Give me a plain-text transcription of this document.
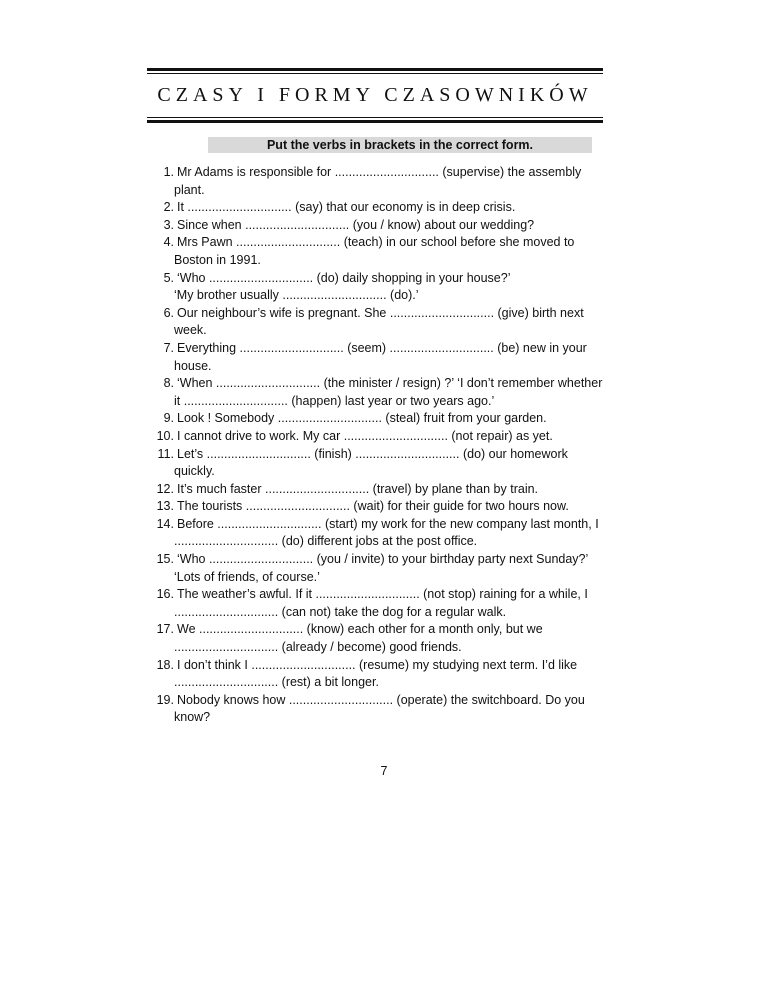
CZASY I FORMY CZASOWNIKÓW
Put the verbs in brackets in the correct form.
1. Mr Adams is responsible for .............................. (supervise) the assembly
plant.
2. It .............................. (say) that our economy is in deep crisis.
3. Since when .............................. (you / know) about our wedding?
4. Mrs Pawn .............................. (teach) in our school before she moved to
Boston in 1991.
5. ‘Who .............................. (do) daily shopping in your house?’
‘My brother usually .............................. (do).’
6. Our neighbour’s wife is pregnant. She .............................. (give) birth next
week.
7. Everything .............................. (seem) .............................. (be) new in your
house.
8. ‘When .............................. (the minister / resign) ?’ ‘I don’t remember whether
it .............................. (happen) last year or two years ago.’
9. Look ! Somebody .............................. (steal) fruit from your garden.
10. I cannot drive to work. My car .............................. (not repair) as yet.
11. Let’s .............................. (finish) .............................. (do) our homework
quickly.
12. It’s much faster .............................. (travel) by plane than by train.
13. The tourists .............................. (wait) for their guide for two hours now.
14. Before .............................. (start) my work for the new company last month, I
.............................. (do) different jobs at the post office.
15. ‘Who .............................. (you / invite) to your birthday party next Sunday?’
‘Lots of friends, of course.’
16. The weather’s awful. If it .............................. (not stop) raining for a while, I
.............................. (can not) take the dog for a regular walk.
17. We .............................. (know) each other for a month only, but we
.............................. (already / become) good friends.
18. I don’t think I .............................. (resume) my studying next term. I’d like
.............................. (rest) a bit longer.
19. Nobody knows how .............................. (operate) the switchboard. Do you
know?
7
